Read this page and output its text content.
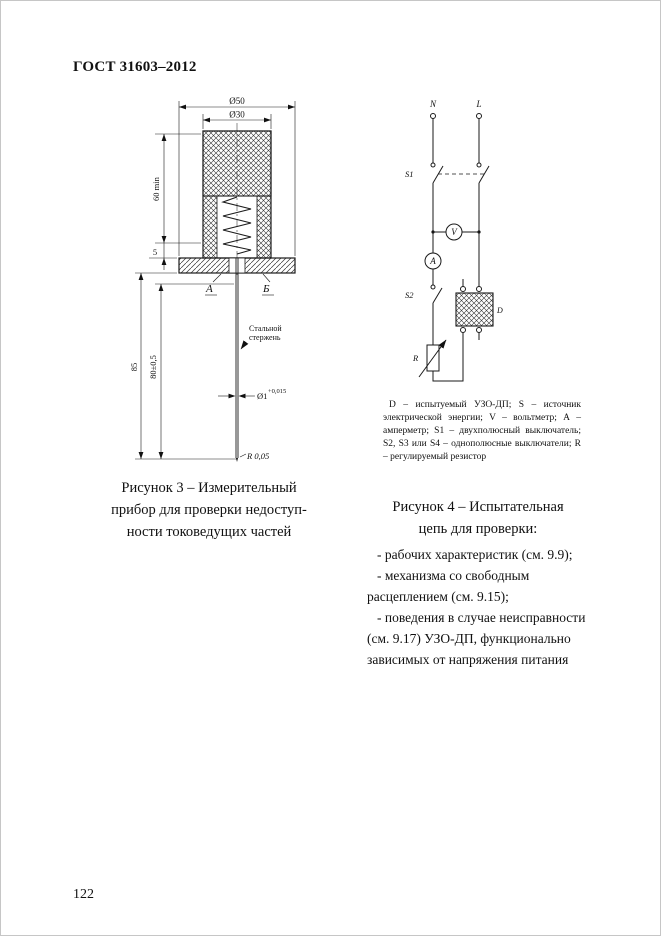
ГОСТ 31603–2012
Ø50
Ø30
60 min
5
85 80±0,5
Ø1 +0,015
R 0,05
А	Б
Стальной
стержень
Рисунок 3 – Измерительный
прибор для проверки недоступ-
ности токоведущих частей
N	L
S1
V
A
S2
D
R
D – испытуемый УЗО-ДП; S – источник электрической энергии; V – вольтметр; А – амперметр; S1 – двухполюсный выключатель; S2, S3 или S4 – однополюсные выключатели; R – регулируемый резистор
Рисунок 4 – Испытательная
цепь для проверки:

- рабочих характеристик (см. 9.9);

- механизма со свободным расцеплением (см. 9.15);

- поведения в случае неисправности (см. 9.17) УЗО-ДП, функционально зависимых от напряжения питания

122
